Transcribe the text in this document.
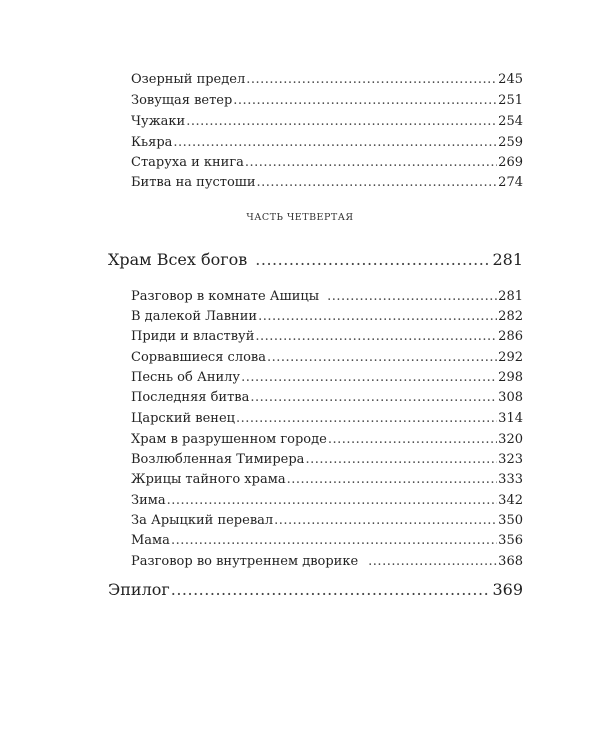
Озерный предел .....	245
Зовущая ветер .....	251
Чужаки .....	254
Кьяра .....	259
Старуха и книга .....	269
Битва на пустоши .....	274
ЧАСТЬ ЧЕТВЕРТАЯ
Храм Всех богов .....	281
Разговор в комнате Ашицы .....	281
В далекой Лавнии .....	282
Приди и властвуй .....	286
Сорвавшиеся слова .....	292
Песнь об Анилу .....	298
Последняя битва .....	308
Царский венец .....	314
Храм в разрушенном городе .....	320
Возлюбленная Тимирера .....	323
Жрицы тайного храма .....	333
Зима .....	342
За Арыцкий перевал .....	350
Мама .....	356
Разговор во внутреннем дворике .....	368
Эпилог .....	369
